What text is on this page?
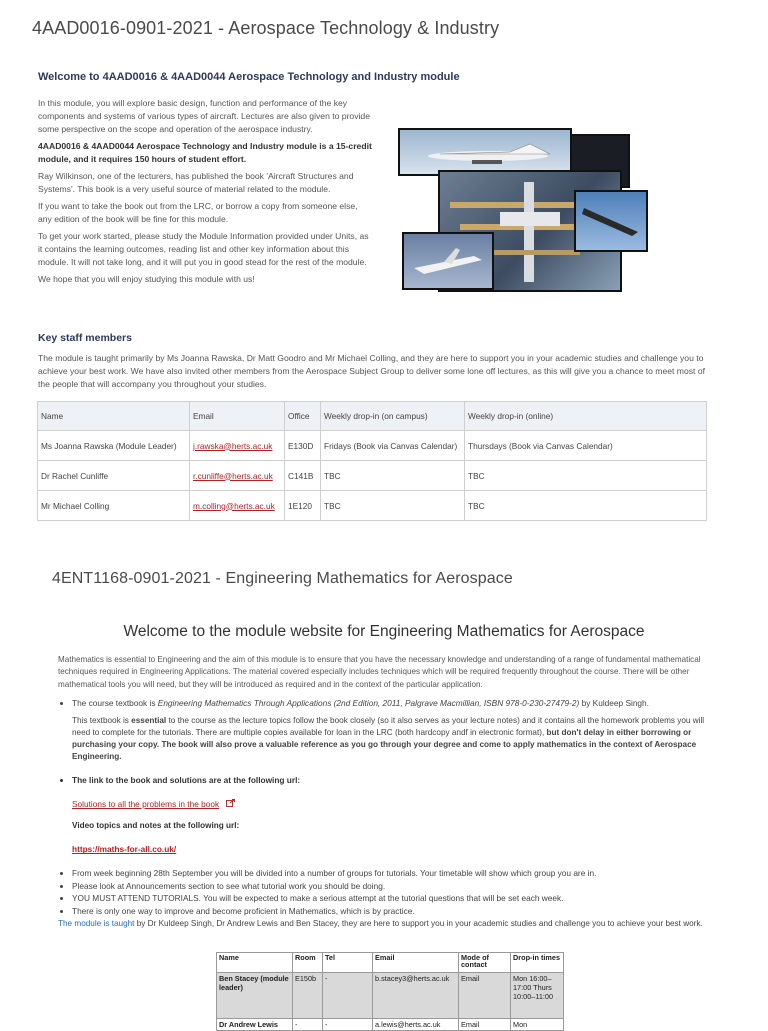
4AAD0016-0901-2021 - Aerospace Technology & Industry
Welcome to 4AAD0016 & 4AAD0044 Aerospace Technology and Industry module

In this module, you will explore basic design, function and performance of the key components and systems of various types of aircraft. Lectures are also given to provide some perspective on the scope and operation of the aerospace industry.

4AAD0016 & 4AAD0044 Aerospace Technology and Industry module is a 15-credit module, and it requires 150 hours of student effort.

Ray Wilkinson, one of the lecturers, has published the book 'Aircraft Structures and Systems'. This book is a very useful source of material related to the module.

If you want to take the book out from the LRC, or borrow a copy from someone else, any edition of the book will be fine for this module.

To get your work started, please study the Module Information provided under Units, as it contains the learning outcomes, reading list and other key information about this module. It will not take long, and it will put you in good stead for the rest of the module.

We hope that you will enjoy studying this module with us!

Key staff members

The module is taught primarily by Ms Joanna Rawska, Dr Matt Goodro and Mr Michael Colling, and they are here to support you in your academic studies and challenge you to achieve your best work. We have also invited other members from the Aerospace Subject Group to deliver some lone off lectures, as this will give you a chance to meet most of the people that will accompany you throughout your studies.

Name	Email	Office	Weekly drop-in (on campus)	Weekly drop-in (online)
Ms Joanna Rawska (Module Leader)	j.rawska@herts.ac.uk	E130D	Fridays (Book via Canvas Calendar)	Thursdays (Book via Canvas Calendar)
Dr Rachel Cunliffe	r.cunliffe@herts.ac.uk	C141B	TBC	TBC
Mr Michael Colling	m.colling@herts.ac.uk	1E120	TBC	TBC
4ENT1168-0901-2021 - Engineering Mathematics for Aerospace
Welcome to the module website for Engineering Mathematics for Aerospace

Mathematics is essential to Engineering and the aim of this module is to ensure that you have the necessary knowledge and understanding of a range of fundamental mathematical techniques required in Engineering Applications. The material covered especially includes techniques which will be required frequently throughout the course. There will be other mathematical tools you will need, but they will be introduced as required and in the context of the particular application.

• The course textbook is Engineering Mathematics Through Applications (2nd Edition, 2011, Palgrave Macmillian, ISBN 978-0-230-27479-2) by Kuldeep Singh.

This textbook is essential to the course as the lecture topics follow the book closely (so it also serves as your lecture notes) and it contains all the homework problems you will need to complete for the tutorials. There are multiple copies available for loan in the LRC (both hardcopy andf in electronic format), but don't delay in either borrowing or purchasing your copy. The book will also prove a valuable reference as you go through your degree and come to apply mathematics in the context of Aerospace Engineering.

• The link to the book and solutions are at the following url:
Solutions to all the problems in the book
Video topics and notes at the following url:
https://maths-for-all.co.uk/
• From week beginning 28th September you will be divided into a number of groups for tutorials. Your timetable will show which group you are in.
• Please look at Announcements section to see what tutorial work you should be doing.
• YOU MUST ATTEND TUTORIALS. You will be expected to make a serious attempt at the tutorial questions that will be set each week.
• There is only one way to improve and become proficient in Mathematics, which is by practice.

The module is taught by Dr Kuldeep Singh, Dr Andrew Lewis and Ben Stacey, they are here to support you in your academic studies and challenge you to achieve your best work.

Name	Room	Tel	Email	Mode of contact	Drop-in times
Ben Stacey (module leader)	E150b	-	b.stacey3@herts.ac.uk	Email	Mon 16:00–17:00 Thurs 10:00–11:00
Dr Andrew Lewis	-	-	a.lewis@herts.ac.uk	Email	Mon
